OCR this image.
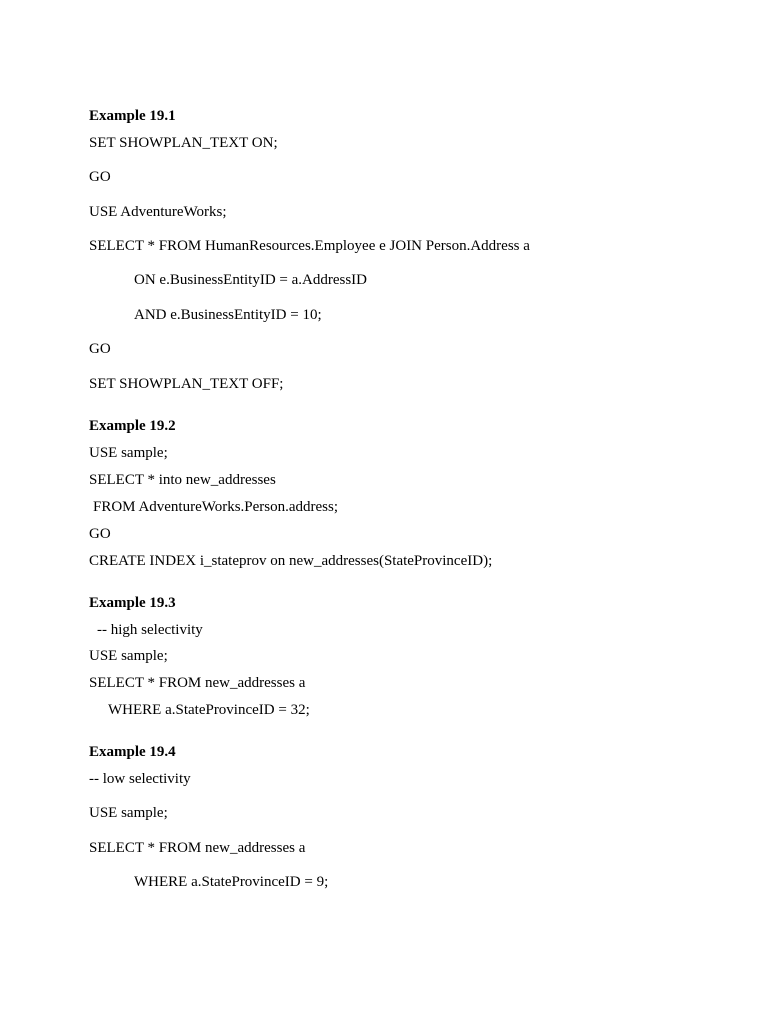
Example 19.1
SET SHOWPLAN_TEXT ON;
GO
USE AdventureWorks;
SELECT * FROM HumanResources.Employee e JOIN Person.Address a
ON e.BusinessEntityID = a.AddressID
AND e.BusinessEntityID = 10;
GO
SET SHOWPLAN_TEXT OFF;
Example 19.2
USE sample;
SELECT * into new_addresses
FROM AdventureWorks.Person.address;
GO
CREATE INDEX i_stateprov on new_addresses(StateProvinceID);
Example 19.3
-- high selectivity
USE sample;
SELECT * FROM new_addresses a
WHERE a.StateProvinceID = 32;
Example 19.4
-- low selectivity
USE sample;
SELECT * FROM new_addresses a
WHERE a.StateProvinceID = 9;
